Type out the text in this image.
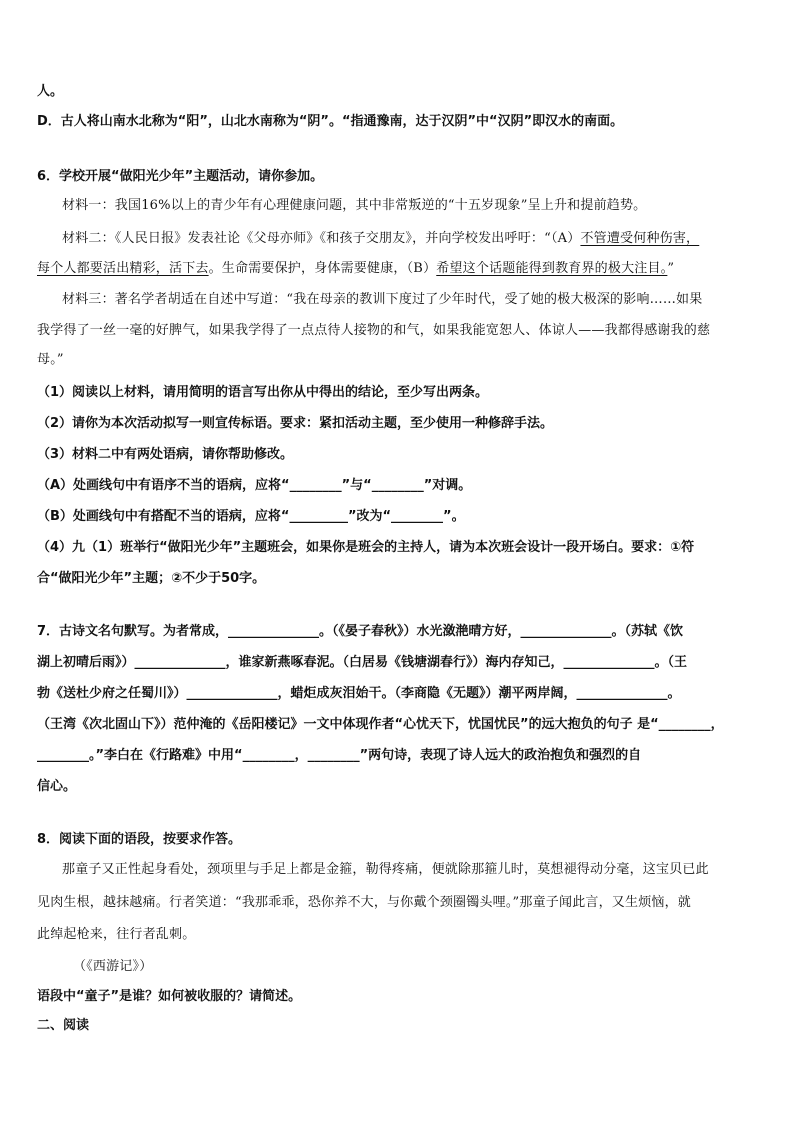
人。
D．古人将山南水北称为“阳”，山北水南称为“阴”。“指通豫南，达于汉阴”中“汉阴”即汉水的南面。
6．学校开展“做阳光少年”主题活动，请你参加。
材料一：我国16%以上的青少年有心理健康问题，其中非常叛逆的“十五岁现象”呈上升和提前趋势。
材料二：《人民日报》发表社论《父母亦师》《和孩子交朋友》，并向学校发出呼吁：“（A）不管遭受何种伤害，
每个人都要活出精彩，活下去。生命需要保护，身体需要健康，（B）希望这个话题能得到教育界的极大注目。”
材料三：著名学者胡适在自述中写道：“我在母亲的教训下度过了少年时代，受了她的极大极深的影响……如果
我学得了一丝一毫的好脾气，如果我学得了一点点待人接物的和气，如果我能宽恕人、体谅人——我都得感谢我的慈
母。”
（1）阅读以上材料，请用简明的语言写出你从中得出的结论，至少写出两条。
（2）请你为本次活动拟写一则宣传标语。要求：紧扣活动主题，至少使用一种修辞手法。
（3）材料二中有两处语病，请你帮助修改。
（A）处画线句中有语序不当的语病，应将“________”与“________”对调。
（B）处画线句中有搭配不当的语病，应将“_________”改为“________”。
（4）九（1）班举行“做阳光少年”主题班会，如果你是班会的主持人，请为本次班会设计一段开场白。要求：①符
合“做阳光少年”主题；②不少于50字。
7．古诗文名句默写。为者常成，______________。（《晏子春秋》）水光潋滟晴方好，______________。（苏轼《饮
湖上初晴后雨》）______________，谁家新燕啄春泥。（白居易《钱塘湖春行》）海内存知己，______________。（王
勃《送杜少府之任蜀川》）______________，蜡炬成灰泪始干。（李商隐《无题》）潮平两岸阔，______________。
（王湾《次北固山下》）范仲淹的《岳阳楼记》一文中体现作者“心忧天下，忧国忧民”的远大抱负的句子 是“________，
________。”李白在《行路难》中用“________，________”两句诗，表现了诗人远大的政治抱负和强烈的自
信心。
8．阅读下面的语段，按要求作答。
那童子又正性起身看处，颈项里与手足上都是金箍，勒得疼痛，便就除那箍儿时，莫想褪得动分毫，这宝贝已此
见肉生根，越抹越痛。行者笑道：“我那乖乖，恐你养不大，与你戴个颈圈镯头哩。”那童子闻此言，又生烦恼，就
此绰起枪来，往行者乱刺。
（《西游记》）
语段中“童子”是谁？如何被收服的？请简述。
二、阅读
